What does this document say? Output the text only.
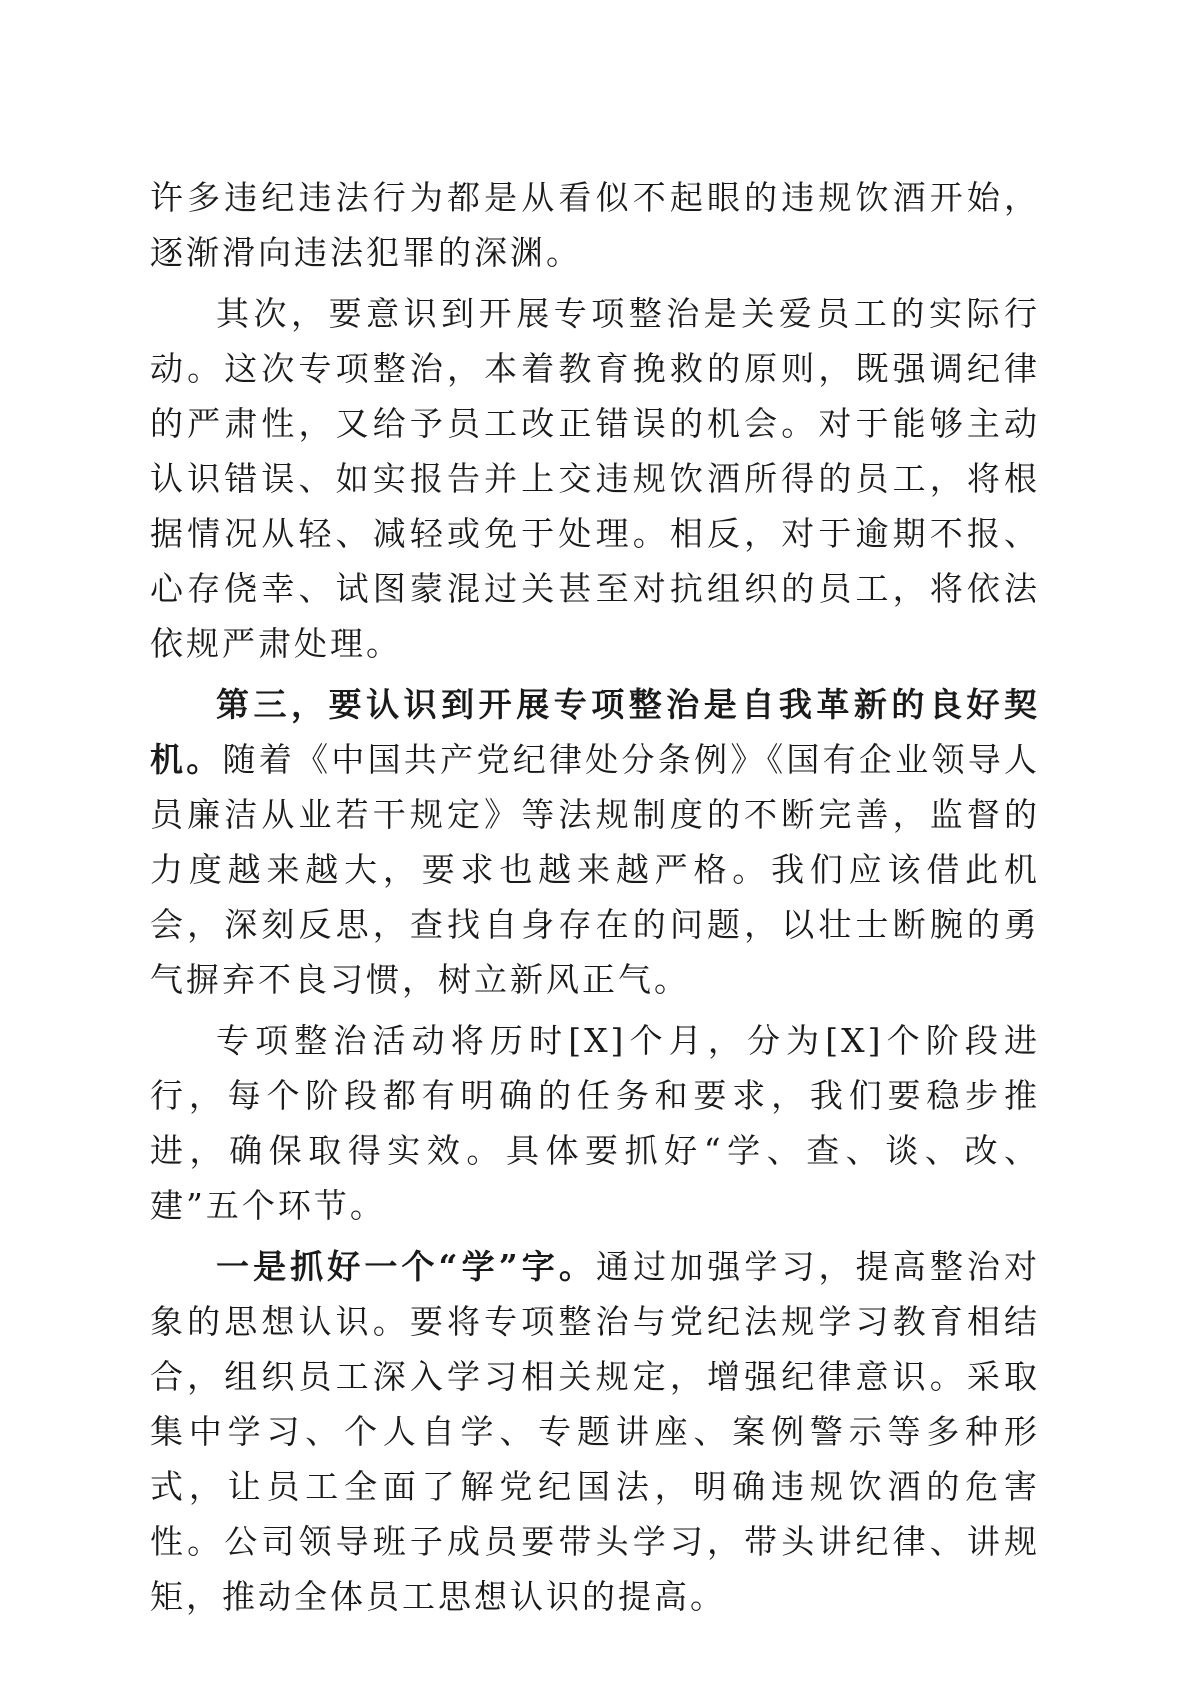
许多违纪违法行为都是从看似不起眼的违规饮酒开始，逐渐滑向违法犯罪的深渊。

其次，要意识到开展专项整治是关爱员工的实际行动。这次专项整治，本着教育挽救的原则，既强调纪律的严肃性，又给予员工改正错误的机会。对于能够主动认识错误、如实报告并上交违规饮酒所得的员工，将根据情况从轻、减轻或免于处理。相反，对于逾期不报、心存侥幸、试图蒙混过关甚至对抗组织的员工，将依法依规严肃处理。

第三，要认识到开展专项整治是自我革新的良好契机。随着《中国共产党纪律处分条例》《国有企业领导人员廉洁从业若干规定》等法规制度的不断完善，监督的力度越来越大，要求也越来越严格。我们应该借此机会，深刻反思，查找自身存在的问题，以壮士断腕的勇气摒弃不良习惯，树立新风正气。

专项整治活动将历时[X]个月，分为[X]个阶段进行，每个阶段都有明确的任务和要求，我们要稳步推进，确保取得实效。具体要抓好“学、查、谈、改、建”五个环节。

一是抓好一个“学”字。通过加强学习，提高整治对象的思想认识。要将专项整治与党纪法规学习教育相结合，组织员工深入学习相关规定，增强纪律意识。采取集中学习、个人自学、专题讲座、案例警示等多种形式，让员工全面了解党纪国法，明确违规饮酒的危害性。公司领导班子成员要带头学习，带头讲纪律、讲规矩，推动全体员工思想认识的提高。
